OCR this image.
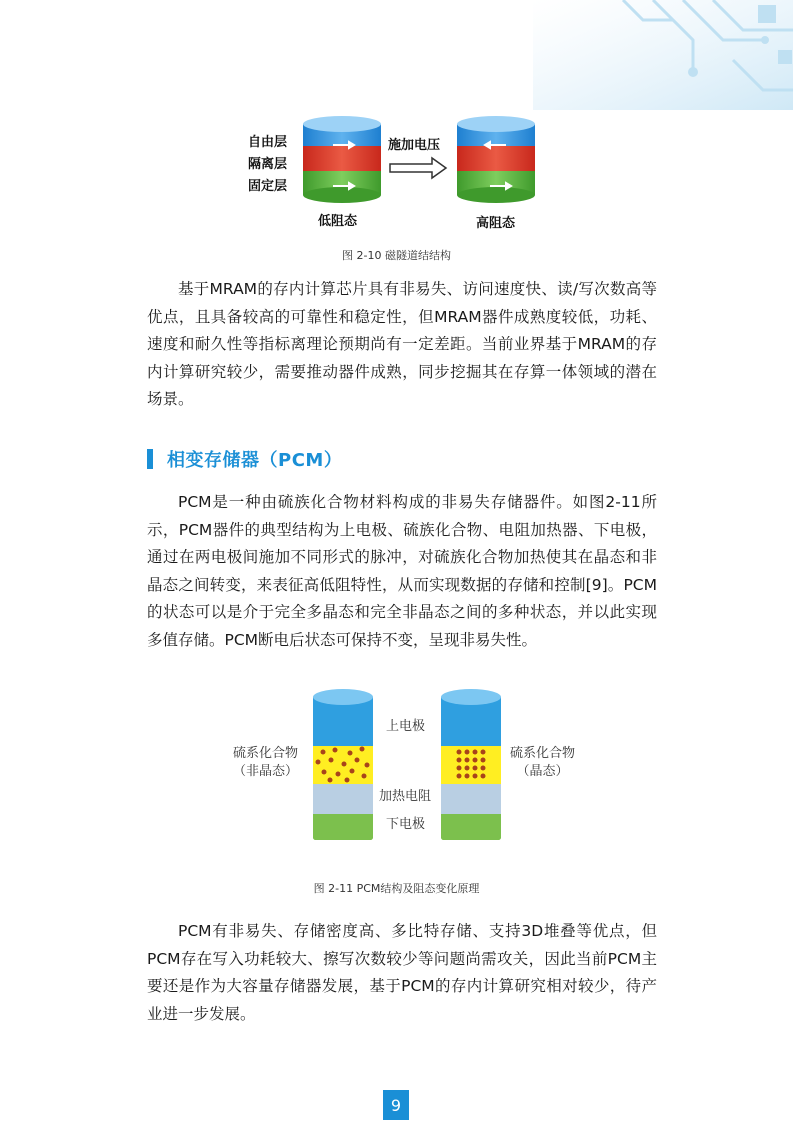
自由层
隔离层
固定层
施加电压
低阻态	高阻态
图 2-10 磁隧道结结构
基于MRAM的存内计算芯片具有非易失、访问速度快、读/写次数高等优点，且具备较高的可靠性和稳定性，但MRAM器件成熟度较低，功耗、速度和耐久性等指标离理论预期尚有一定差距。当前业界基于MRAM的存内计算研究较少，需要推动器件成熟，同步挖掘其在存算一体领域的潜在场景。
相变存储器（PCM）
PCM是一种由硫族化合物材料构成的非易失存储器件。如图2-11所示，PCM器件的典型结构为上电极、硫族化合物、电阻加热器、下电极，通过在两电极间施加不同形式的脉冲，对硫族化合物加热使其在晶态和非晶态之间转变，来表征高低阻特性，从而实现数据的存储和控制[9]。PCM的状态可以是介于完全多晶态和完全非晶态之间的多种状态，并以此实现多值存储。PCM断电后状态可保持不变，呈现非易失性。
硫系化合物
（非晶态）
硫系化合物
（晶态）
上电极
加热电阻
下电极
图 2-11 PCM结构及阻态变化原理
PCM有非易失、存储密度高、多比特存储、支持3D堆叠等优点，但PCM存在写入功耗较大、擦写次数较少等问题尚需攻关，因此当前PCM主要还是作为大容量存储器发展，基于PCM的存内计算研究相对较少，待产业进一步发展。
9
